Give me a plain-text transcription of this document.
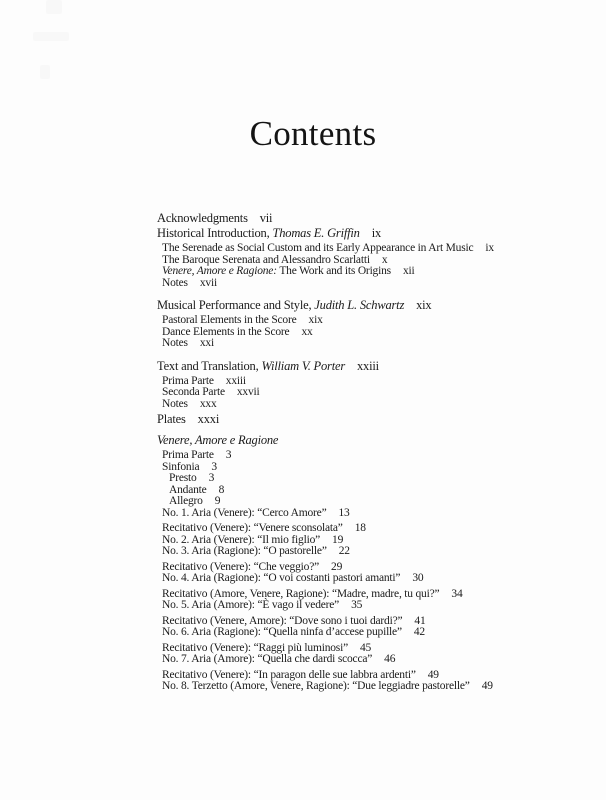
Contents
Acknowledgments vii
Historical Introduction, Thomas E. Griffin ix
The Serenade as Social Custom and its Early Appearance in Art Music ix
The Baroque Serenata and Alessandro Scarlatti x
Venere, Amore e Ragione: The Work and its Origins xii
Notes xvii
Musical Performance and Style, Judith L. Schwartz xix
Pastoral Elements in the Score xix
Dance Elements in the Score xx
Notes xxi
Text and Translation, William V. Porter xxiii
Prima Parte xxiii
Seconda Parte xxvii
Notes xxx
Plates xxxi
Venere, Amore e Ragione
Prima Parte 3
Sinfonia 3
Presto 3
Andante 8
Allegro 9
No. 1. Aria (Venere): “Cerco Amore” 13
Recitativo (Venere): “Venere sconsolata” 18
No. 2. Aria (Venere): “Il mio figlio” 19
No. 3. Aria (Ragione): “O pastorelle” 22
Recitativo (Venere): “Che veggio?” 29
No. 4. Aria (Ragione): “O voi costanti pastori amanti” 30
Recitativo (Amore, Venere, Ragione): “Madre, madre, tu qui?” 34
No. 5. Aria (Amore): “È vago il vedere” 35
Recitativo (Venere, Amore): “Dove sono i tuoi dardi?” 41
No. 6. Aria (Ragione): “Quella ninfa d’accese pupille” 42
Recitativo (Venere): “Raggi più luminosi” 45
No. 7. Aria (Amore): “Quella che dardi scocca” 46
Recitativo (Venere): “In paragon delle sue labbra ardenti” 49
No. 8. Terzetto (Amore, Venere, Ragione): “Due leggiadre pastorelle” 49
